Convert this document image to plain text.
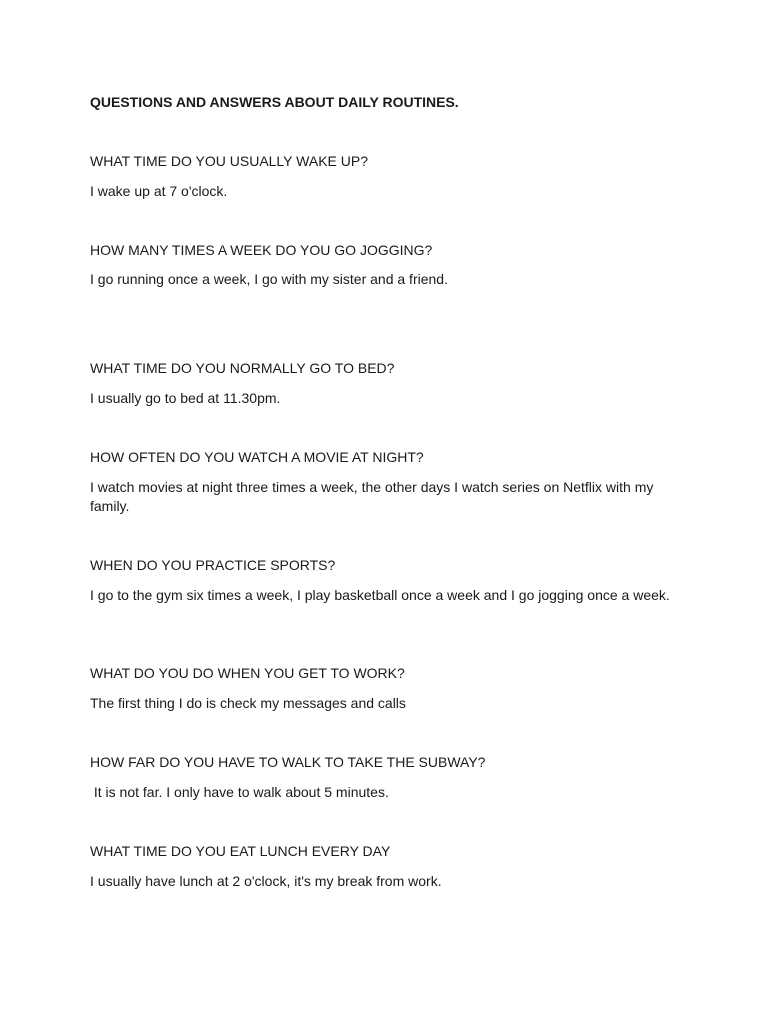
QUESTIONS AND ANSWERS ABOUT DAILY ROUTINES.

WHAT TIME DO YOU USUALLY WAKE UP?

I wake up at 7 o'clock.

HOW MANY TIMES A WEEK DO YOU GO JOGGING?

I go running once a week, I go with my sister and a friend.

WHAT TIME DO YOU NORMALLY GO TO BED?

I usually go to bed at 11.30pm.

HOW OFTEN DO YOU WATCH A MOVIE AT NIGHT?

I watch movies at night three times a week, the other days I watch series on Netflix with my family.

WHEN DO YOU PRACTICE SPORTS?

I go to the gym six times a week, I play basketball once a week and I go jogging once a week.

WHAT DO YOU DO WHEN YOU GET TO WORK?

The first thing I do is check my messages and calls

HOW FAR DO YOU HAVE TO WALK TO TAKE THE SUBWAY?

It is not far. I only have to walk about 5 minutes.

WHAT TIME DO YOU EAT LUNCH EVERY DAY

I usually have lunch at 2 o'clock, it's my break from work.
